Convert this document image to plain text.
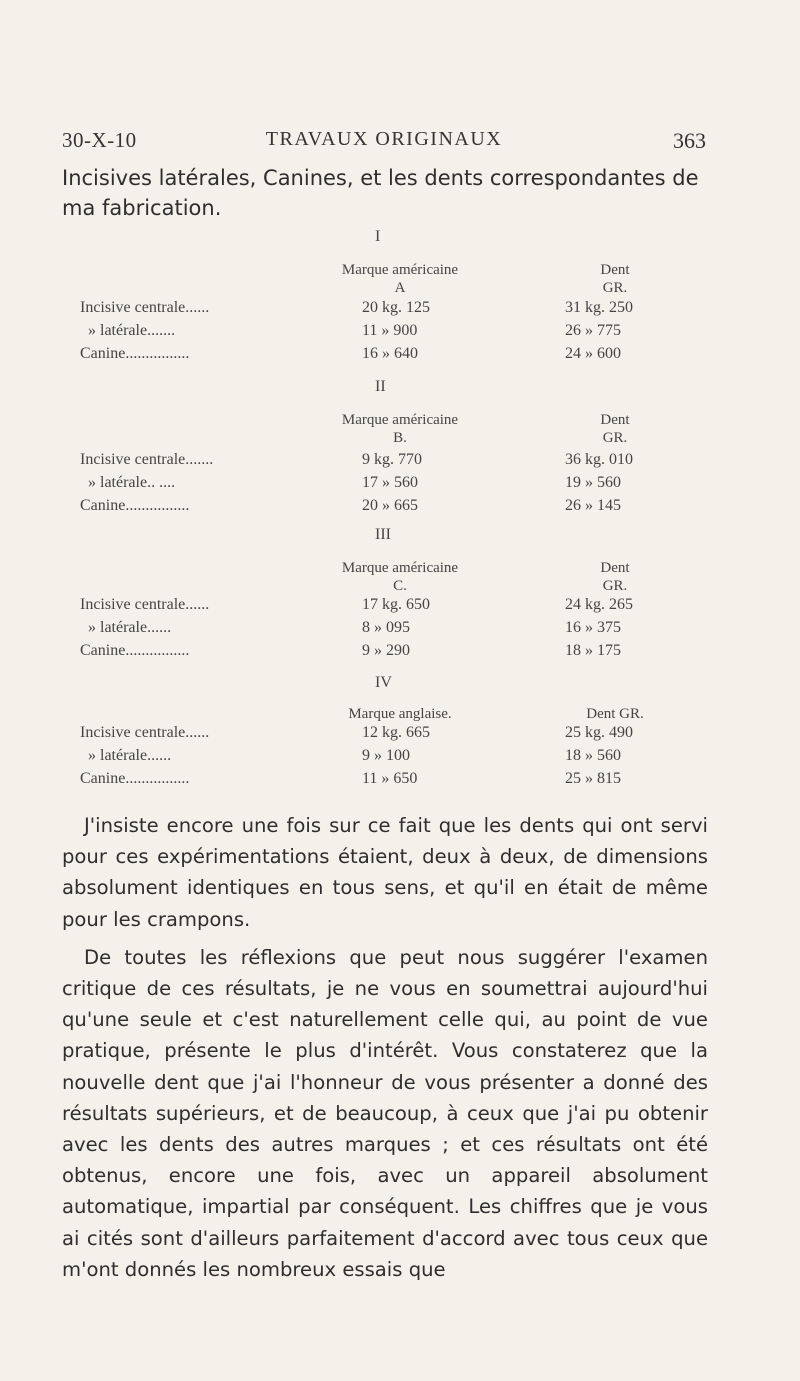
30-X-10	TRAVAUX ORIGINAUX	363
Incisives latérales, Canines, et les dents correspondantes de ma fabrication.
I
Marque américaine
A
Dent
GR.
Incisive centrale......	20 kg. 125	31 kg. 250
» latérale.......	11 » 900	26 » 775
Canine................	16 » 640	24 » 600
II
Marque américaine
B.
Dent
GR.
Incisive centrale.......	9 kg. 770	36 kg. 010
» latérale.. ....	17 » 560	19 » 560
Canine................	20 » 665	26 » 145
III
Marque américaine
C.
Dent
GR.
Incisive centrale......	17 kg. 650	24 kg. 265
» latérale......	8 » 095	16 » 375
Canine................	9 » 290	18 » 175
IV
Marque anglaise.	Dent GR.
Incisive centrale......	12 kg. 665	25 kg. 490
» latérale......	9 » 100	18 » 560
Canine................	11 » 650	25 » 815

J'insiste encore une fois sur ce fait que les dents qui ont servi pour ces expérimentations étaient, deux à deux, de dimensions absolument identiques en tous sens, et qu'il en était de même pour les crampons.

De toutes les réflexions que peut nous suggérer l'examen critique de ces résultats, je ne vous en soumettrai aujourd'hui qu'une seule et c'est naturellement celle qui, au point de vue pratique, présente le plus d'intérêt. Vous constaterez que la nouvelle dent que j'ai l'honneur de vous présenter a donné des résultats supérieurs, et de beaucoup, à ceux que j'ai pu obtenir avec les dents des autres marques ; et ces résultats ont été obtenus, encore une fois, avec un appareil absolument automatique, impartial par conséquent. Les chiffres que je vous ai cités sont d'ailleurs parfaitement d'accord avec tous ceux que m'ont donnés les nombreux essais que
